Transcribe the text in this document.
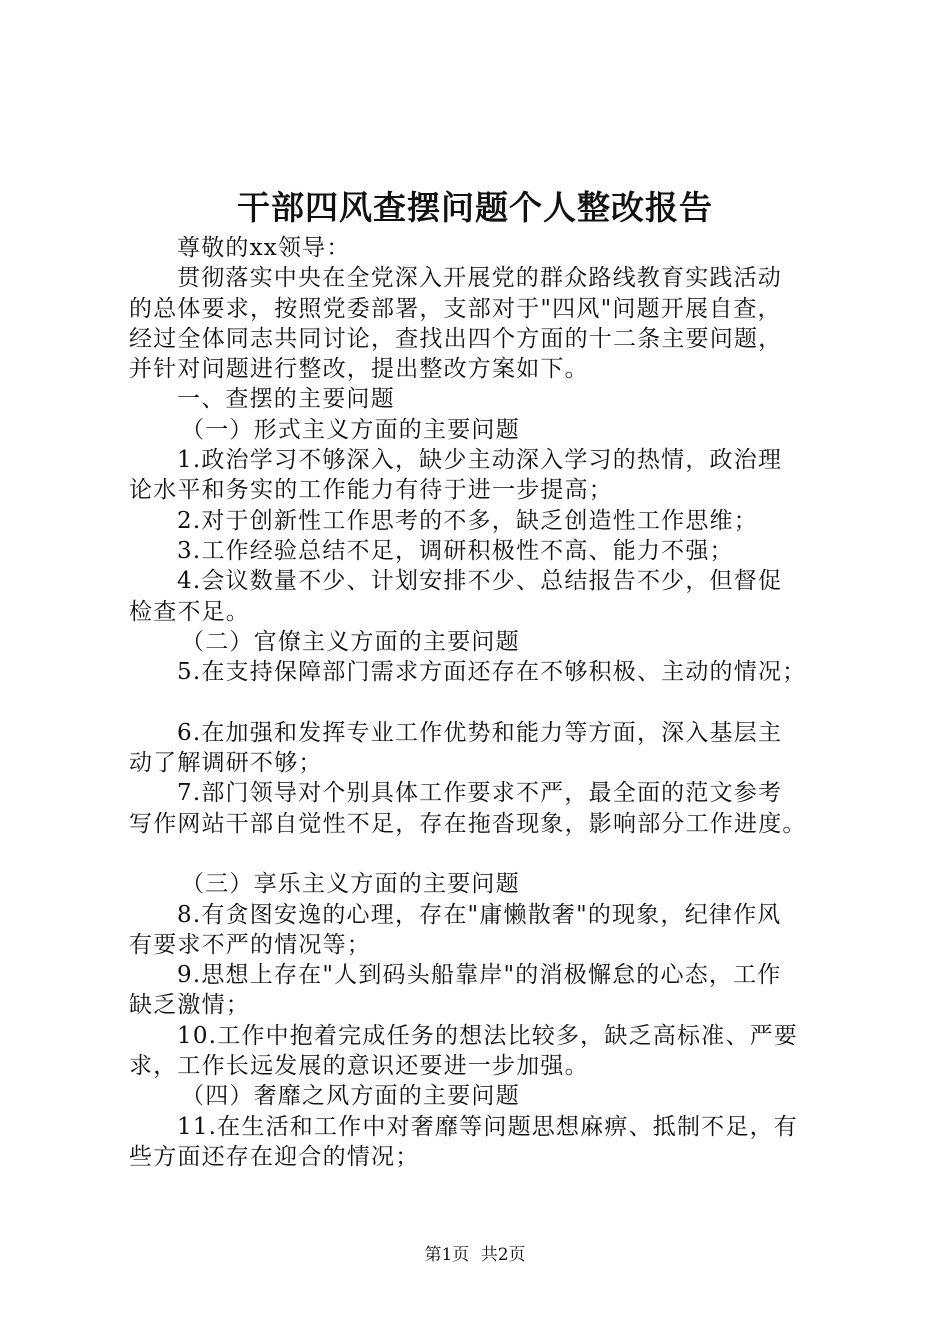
干部四风查摆问题个人整改报告
尊敬的xx领导：
贯彻落实中央在全党深入开展党的群众路线教育实践活动
的总体要求，按照党委部署，支部对于"四风"问题开展自查，
经过全体同志共同讨论，查找出四个方面的十二条主要问题，
并针对问题进行整改，提出整改方案如下。
一、查摆的主要问题
（一）形式主义方面的主要问题
1.政治学习不够深入，缺少主动深入学习的热情，政治理
论水平和务实的工作能力有待于进一步提高；
2.对于创新性工作思考的不多，缺乏创造性工作思维；
3.工作经验总结不足，调研积极性不高、能力不强；
4.会议数量不少、计划安排不少、总结报告不少，但督促
检查不足。
（二）官僚主义方面的主要问题
5.在支持保障部门需求方面还存在不够积极、主动的情况；
6.在加强和发挥专业工作优势和能力等方面，深入基层主
动了解调研不够；
7.部门领导对个别具体工作要求不严，最全面的范文参考
写作网站干部自觉性不足，存在拖沓现象，影响部分工作进度。
（三）享乐主义方面的主要问题
8.有贪图安逸的心理，存在"庸懒散奢"的现象，纪律作风
有要求不严的情况等；
9.思想上存在"人到码头船靠岸"的消极懈怠的心态，工作
缺乏激情；
10.工作中抱着完成任务的想法比较多，缺乏高标准、严要
求，工作长远发展的意识还要进一步加强。
（四）奢靡之风方面的主要问题
11.在生活和工作中对奢靡等问题思想麻痹、抵制不足，有
些方面还存在迎合的情况；
第1页 共2页
